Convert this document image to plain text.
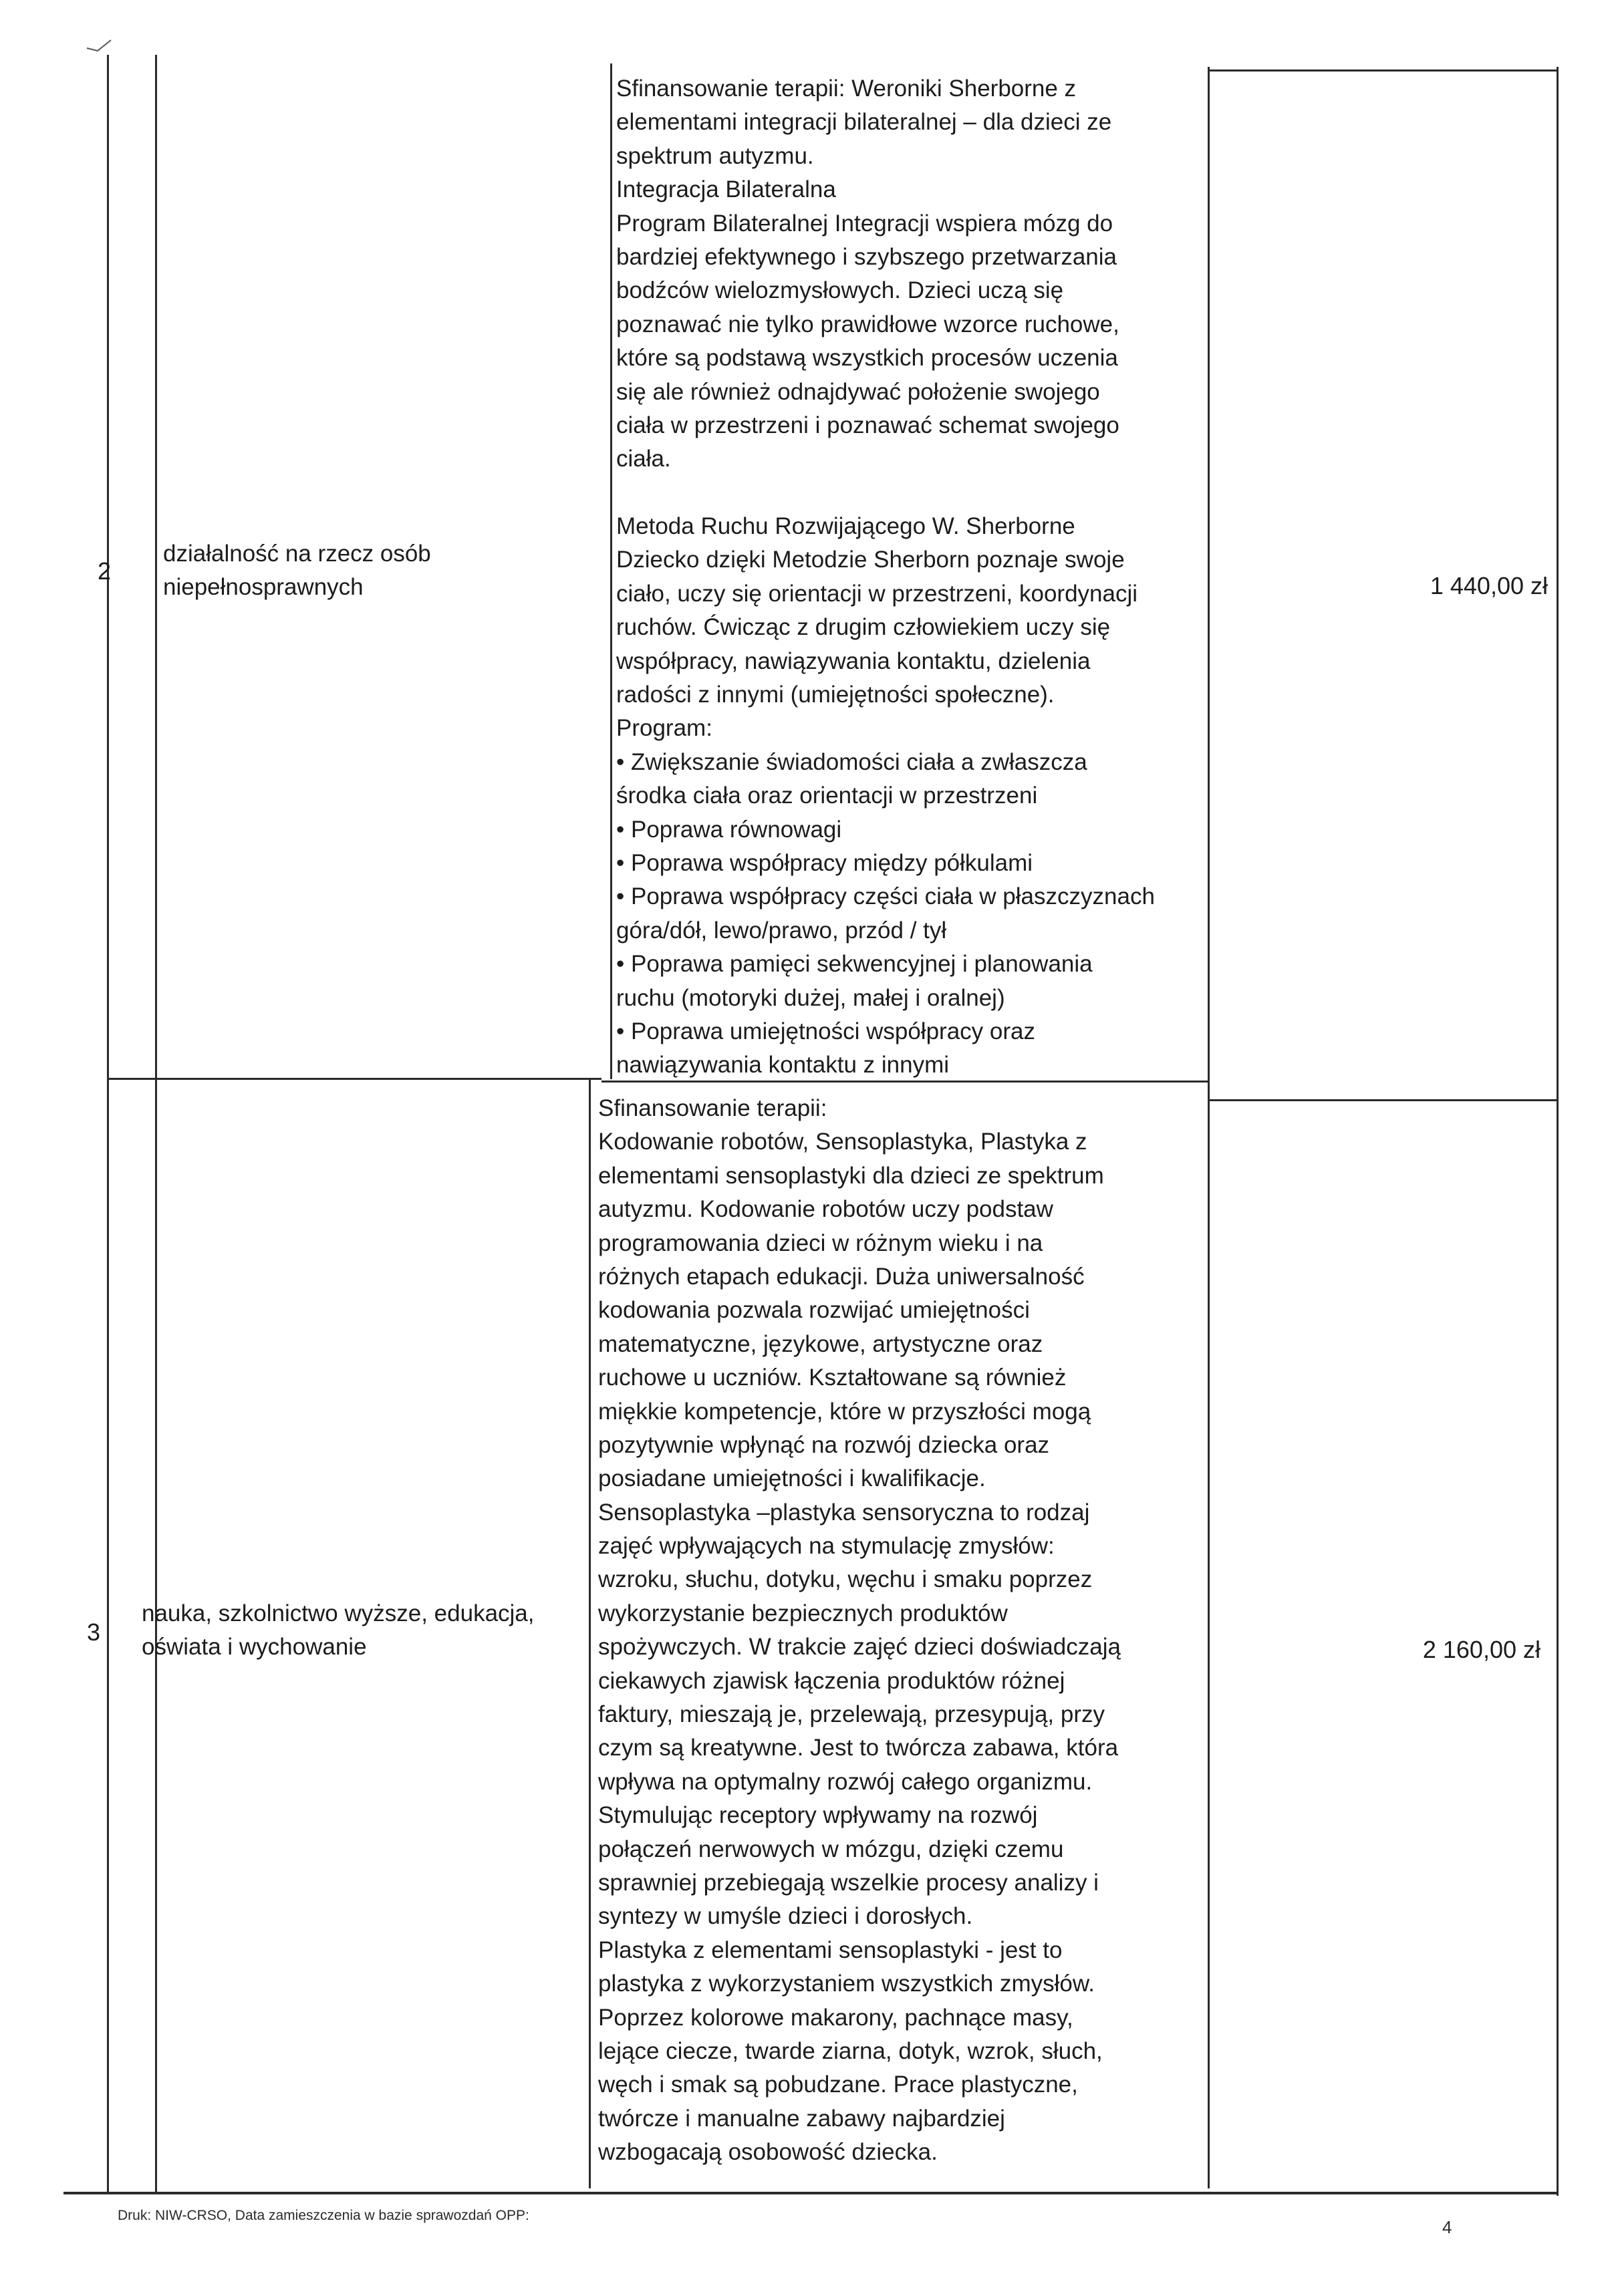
2
działalność na rzecz osób
niepełnosprawnych
Sfinansowanie terapii: Weroniki Sherborne z
elementami integracji bilateralnej – dla dzieci ze
spektrum autyzmu.
Integracja Bilateralna
Program Bilateralnej Integracji wspiera mózg do
bardziej efektywnego i szybszego przetwarzania
bodźców wielozmysłowych. Dzieci uczą się
poznawać nie tylko prawidłowe wzorce ruchowe,
które są podstawą wszystkich procesów uczenia
się ale również odnajdywać położenie swojego
ciała w przestrzeni i poznawać schemat swojego
ciała.
Metoda Ruchu Rozwijającego W. Sherborne
Dziecko dzięki Metodzie Sherborn poznaje swoje
ciało, uczy się orientacji w przestrzeni, koordynacji
ruchów. Ćwicząc z drugim człowiekiem uczy się
współpracy, nawiązywania kontaktu, dzielenia
radości z innymi (umiejętności społeczne).
Program:
• Zwiększanie świadomości ciała a zwłaszcza
środka ciała oraz orientacji w przestrzeni
• Poprawa równowagi
• Poprawa współpracy między półkulami
• Poprawa współpracy części ciała w płaszczyznach
góra/dół, lewo/prawo, przód / tył
• Poprawa pamięci sekwencyjnej i planowania
ruchu (motoryki dużej, małej i oralnej)
• Poprawa umiejętności współpracy oraz
nawiązywania kontaktu z innymi
1 440,00 zł
3
nauka, szkolnictwo wyższe, edukacja,
oświata i wychowanie
Sfinansowanie terapii:
Kodowanie robotów, Sensoplastyka, Plastyka z
elementami sensoplastyki dla dzieci ze spektrum
autyzmu. Kodowanie robotów uczy podstaw
programowania dzieci w różnym wieku i na
różnych etapach edukacji. Duża uniwersalność
kodowania pozwala rozwijać umiejętności
matematyczne, językowe, artystyczne oraz
ruchowe u uczniów. Kształtowane są również
miękkie kompetencje, które w przyszłości mogą
pozytywnie wpłynąć na rozwój dziecka oraz
posiadane umiejętności i kwalifikacje.
Sensoplastyka –plastyka sensoryczna to rodzaj
zajęć wpływających na stymulację zmysłów:
wzroku, słuchu, dotyku, węchu i smaku poprzez
wykorzystanie bezpiecznych produktów
spożywczych. W trakcie zajęć dzieci doświadczają
ciekawych zjawisk łączenia produktów różnej
faktury, mieszają je, przelewają, przesypują, przy
czym są kreatywne. Jest to twórcza zabawa, która
wpływa na optymalny rozwój całego organizmu.
Stymulując receptory wpływamy na rozwój
połączeń nerwowych w mózgu, dzięki czemu
sprawniej przebiegają wszelkie procesy analizy i
syntezy w umyśle dzieci i dorosłych.
Plastyka z elementami sensoplastyki - jest to
plastyka z wykorzystaniem wszystkich zmysłów.
Poprzez kolorowe makarony, pachnące masy,
lejące ciecze, twarde ziarna, dotyk, wzrok, słuch,
węch i smak są pobudzane. Prace plastyczne,
twórcze i manualne zabawy najbardziej
wzbogacają osobowość dziecka.
2 160,00 zł
Druk: NIW-CRSO, Data zamieszczenia w bazie sprawozdań OPP:
4
